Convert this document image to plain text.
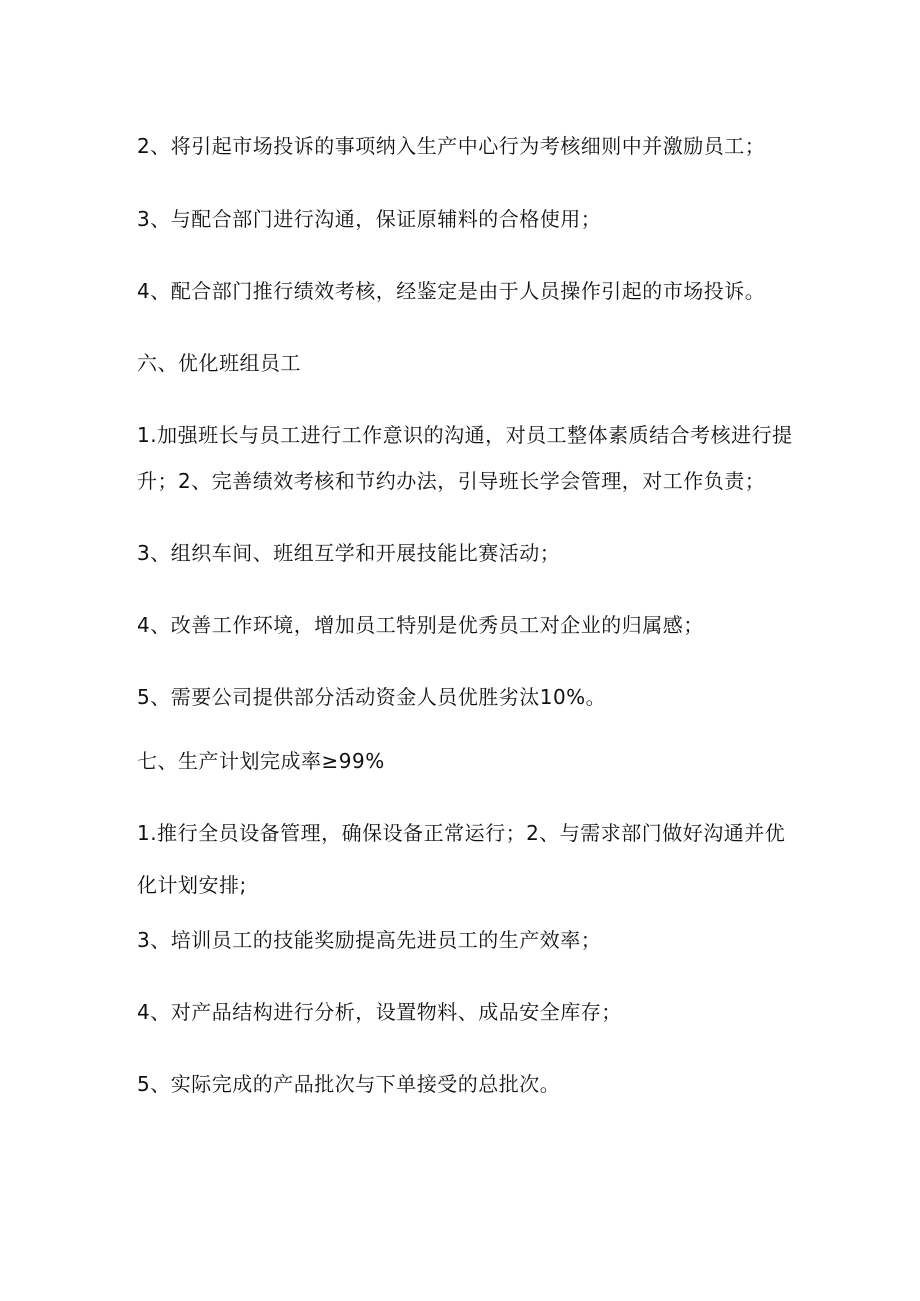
2、将引起市场投诉的事项纳入生产中心行为考核细则中并激励员工；
3、与配合部门进行沟通，保证原辅料的合格使用；
4、配合部门推行绩效考核，经鉴定是由于人员操作引起的市场投诉。
六、优化班组员工
1.加强班长与员工进行工作意识的沟通，对员工整体素质结合考核进行提
升；2、完善绩效考核和节约办法，引导班长学会管理，对工作负责；
3、组织车间、班组互学和开展技能比赛活动；
4、改善工作环境，增加员工特别是优秀员工对企业的归属感；
5、需要公司提供部分活动资金人员优胜劣汰10%。
七、生产计划完成率≥99%
1.推行全员设备管理，确保设备正常运行；2、与需求部门做好沟通并优
化计划安排;
3、培训员工的技能奖励提高先进员工的生产效率；
4、对产品结构进行分析，设置物料、成品安全库存；
5、实际完成的产品批次与下单接受的总批次。
